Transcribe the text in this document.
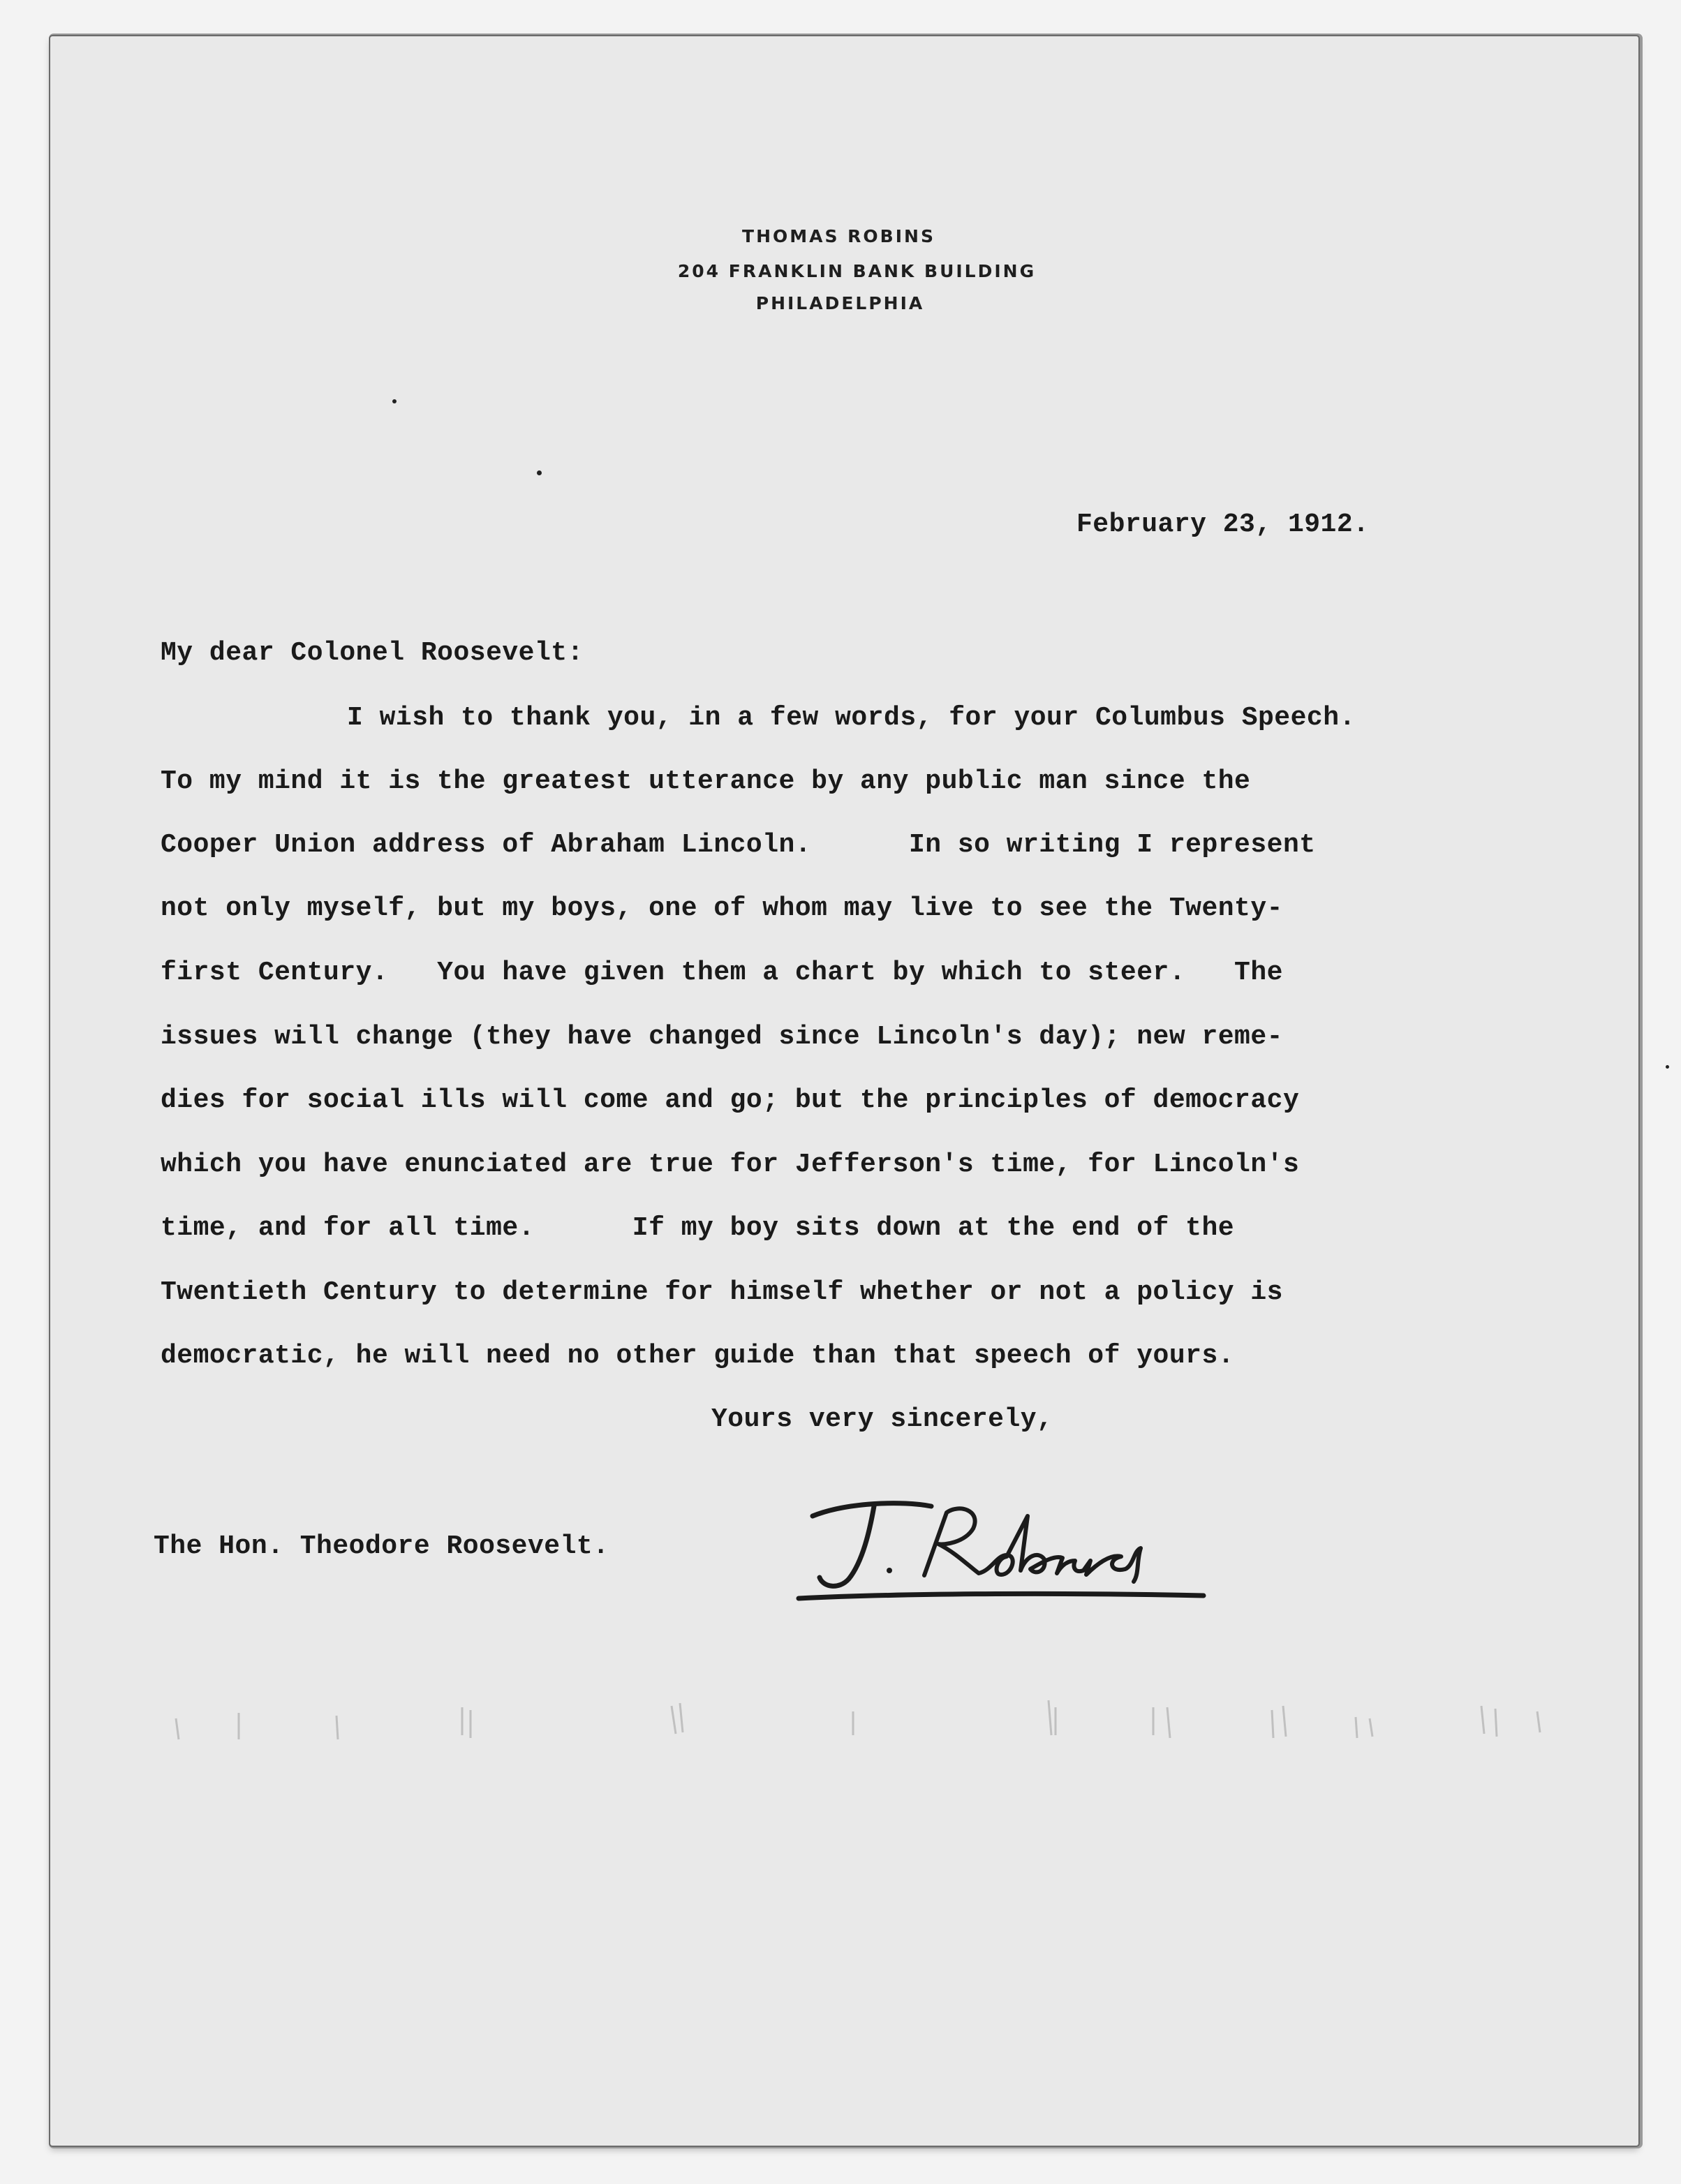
THOMAS ROBINS
204 FRANKLIN BANK BUILDING
PHILADELPHIA
February 23, 1912.
My dear Colonel Roosevelt:
I wish to thank you, in a few words, for your Columbus Speech.
To my mind it is the greatest utterance by any public man since the
Cooper Union address of Abraham Lincoln.      In so writing I represent
not only myself, but my boys, one of whom may live to see the Twenty-
first Century.   You have given them a chart by which to steer.   The
issues will change (they have changed since Lincoln's day); new reme-
dies for social ills will come and go; but the principles of democracy
which you have enunciated are true for Jefferson's time, for Lincoln's
time, and for all time.      If my boy sits down at the end of the
Twentieth Century to determine for himself whether or not a policy is
democratic, he will need no other guide than that speech of yours.
Yours very sincerely,
The Hon. Theodore Roosevelt.
